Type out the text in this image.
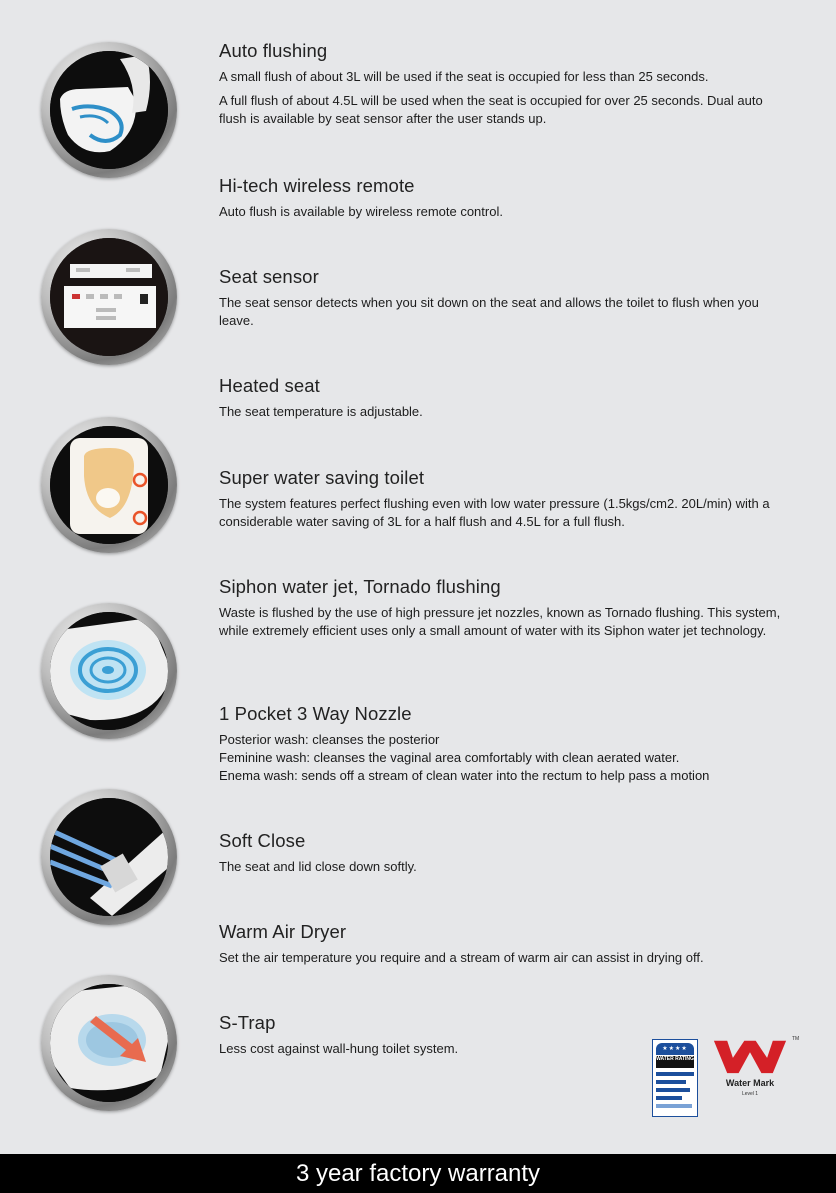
Auto flushing

A small flush of about 3L will be used if the seat is occupied for less than 25 seconds.

A full flush of about 4.5L will be used when the seat is occupied for over 25 seconds. Dual auto flush is available by seat sensor after the user stands up.

Hi-tech wireless remote

Auto flush is available by wireless remote control.

Seat sensor

The seat sensor detects when you sit down on the seat and allows the toilet to flush when you leave.

Heated seat

The seat temperature is adjustable.

Super water saving toilet

The system features perfect flushing even with low water pressure (1.5kgs/cm2. 20L/min) with a considerable water saving of 3L for a half flush and 4.5L for a full flush.

Siphon water jet, Tornado flushing

Waste is flushed by the use of high pressure jet nozzles, known as Tornado flushing. This system, while extremely efficient uses only a small amount of water with its Siphon water jet technology.

1 Pocket 3 Way Nozzle
Posterior wash: cleanses the posterior
Feminine wash: cleanses the vaginal area comfortably with clean aerated water.
Enema wash: sends off a stream of clean water into the rectum to help pass a motion
Soft Close

The seat and lid close down softly.

Warm Air Dryer

Set the air temperature you require and a stream of warm air can assist in drying off.

S-Trap

Less cost against wall-hung toilet system.	★★★★
WATER RATING
TM
Water Mark
Level 1
3 year factory warranty
